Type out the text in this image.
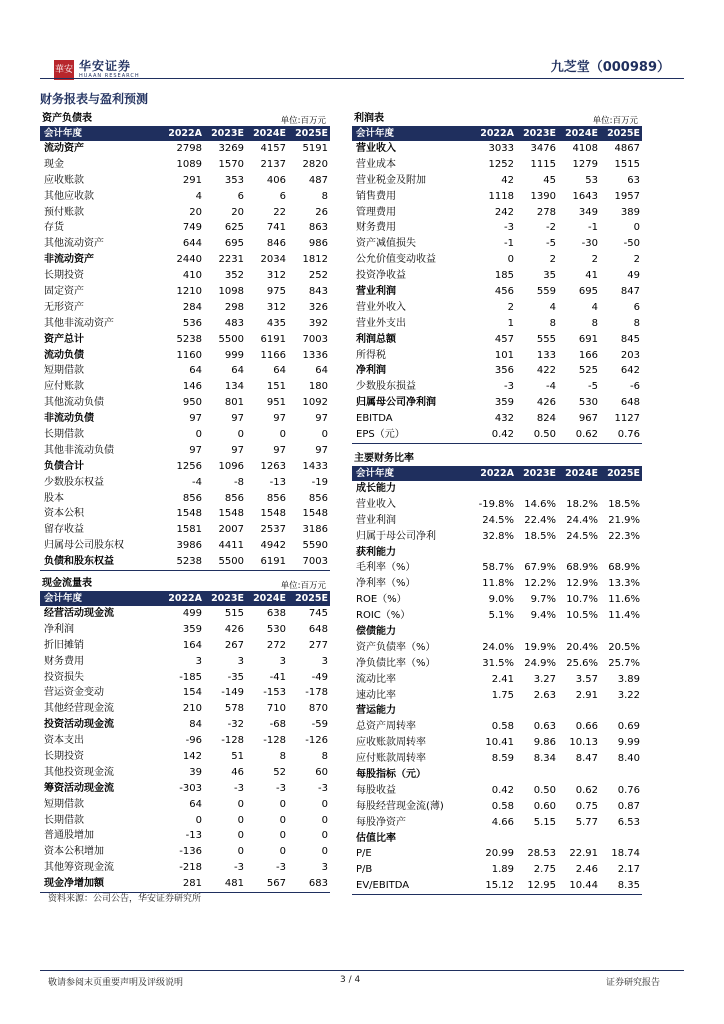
華安 华安证券
HUAAN RESEARCH
九芝堂（000989）
财务报表与盈利预测
资产负债表	单位:百万元
会计年度	2022A 2023E 2024E 2025E
流动资产	2798	3269	4157	5191
现金	1089	1570	2137	2820
应收账款	291	353	406	487
其他应收款	4	6	6	8
预付账款	20	20	22	26
存货	749	625	741	863
其他流动资产	644	695	846	986
非流动资产	2440	2231	2034	1812
长期投资	410	352	312	252
固定资产	1210	1098	975	843
无形资产	284	298	312	326
其他非流动资产	536	483	435	392
资产总计	5238	5500	6191	7003
流动负债	1160	999	1166	1336
短期借款	64	64	64	64
应付账款	146	134	151	180
其他流动负债	950	801	951	1092
非流动负债	97	97	97	97
长期借款	0	0	0	0
其他非流动负债	97	97	97	97
负债合计	1256	1096	1263	1433
少数股东权益	-4	-8	-13	-19
股本	856	856	856	856
资本公积	1548	1548	1548	1548
留存收益	1581	2007	2537	3186
归属母公司股东权	3986	4411	4942	5590
负债和股东权益	5238	5500	6191	7003
现金流量表	单位:百万元
会计年度	2022A 2023E 2024E 2025E
经营活动现金流	499	515	638	745
净利润	359	426	530	648
折旧摊销	164	267	272	277
财务费用	3	3	3	3
投资损失	-185	-35	-41	-49
营运资金变动	154	-149	-153	-178
其他经营现金流	210	578	710	870
投资活动现金流	84	-32	-68	-59
资本支出	-96	-128	-128	-126
长期投资	142	51	8	8
其他投资现金流	39	46	52	60
筹资活动现金流	-303	-3	-3	-3
短期借款	64	0	0	0
长期借款	0	0	0	0
普通股增加	-13	0	0	0
资本公积增加	-136	0	0	0
其他筹资现金流	-218	-3	-3	3
现金净增加额	281	481	567	683
利润表	单位:百万元
会计年度	2022A 2023E 2024E 2025E
营业收入	3033	3476	4108	4867
营业成本	1252	1115	1279	1515
营业税金及附加	42	45	53	63
销售费用	1118	1390	1643	1957
管理费用	242	278	349	389
财务费用	-3	-2	-1	0
资产减值损失	-1	-5	-30	-50
公允价值变动收益	0	2	2	2
投资净收益	185	35	41	49
营业利润	456	559	695	847
营业外收入	2	4	4	6
营业外支出	1	8	8	8
利润总额	457	555	691	845
所得税	101	133	166	203
净利润	356	422	525	642
少数股东损益	-3	-4	-5	-6
归属母公司净利润	359	426	530	648
EBITDA	432	824	967	1127
EPS（元）	0.42	0.50	0.62	0.76
主要财务比率
会计年度	2022A 2023E 2024E 2025E
成长能力
营业收入	-19.8%	14.6%	18.2%	18.5%
营业利润	24.5%	22.4%	24.4%	21.9%
归属于母公司净利	32.8%	18.5%	24.5%	22.3%
获利能力
毛利率（%）	58.7%	67.9%	68.9%	68.9%
净利率（%）	11.8%	12.2%	12.9%	13.3%
ROE（%）	9.0%	9.7%	10.7%	11.6%
ROIC（%）	5.1%	9.4%	10.5%	11.4%
偿债能力
资产负债率（%）	24.0%	19.9%	20.4%	20.5%
净负债比率（%）	31.5%	24.9%	25.6%	25.7%
流动比率	2.41	3.27	3.57	3.89
速动比率	1.75	2.63	2.91	3.22
营运能力
总资产周转率	0.58	0.63	0.66	0.69
应收账款周转率	10.41	9.86	10.13	9.99
应付账款周转率	8.59	8.34	8.47	8.40
每股指标（元）
每股收益	0.42	0.50	0.62	0.76
每股经营现金流(薄)	0.58	0.60	0.75	0.87
每股净资产	4.66	5.15	5.77	6.53
估值比率
P/E	20.99	28.53	22.91	18.74
P/B	1.89	2.75	2.46	2.17
EV/EBITDA	15.12	12.95	10.44	8.35
资料来源：公司公告，华安证券研究所
敬请参阅末页重要声明及评级说明	3 / 4	证券研究报告
